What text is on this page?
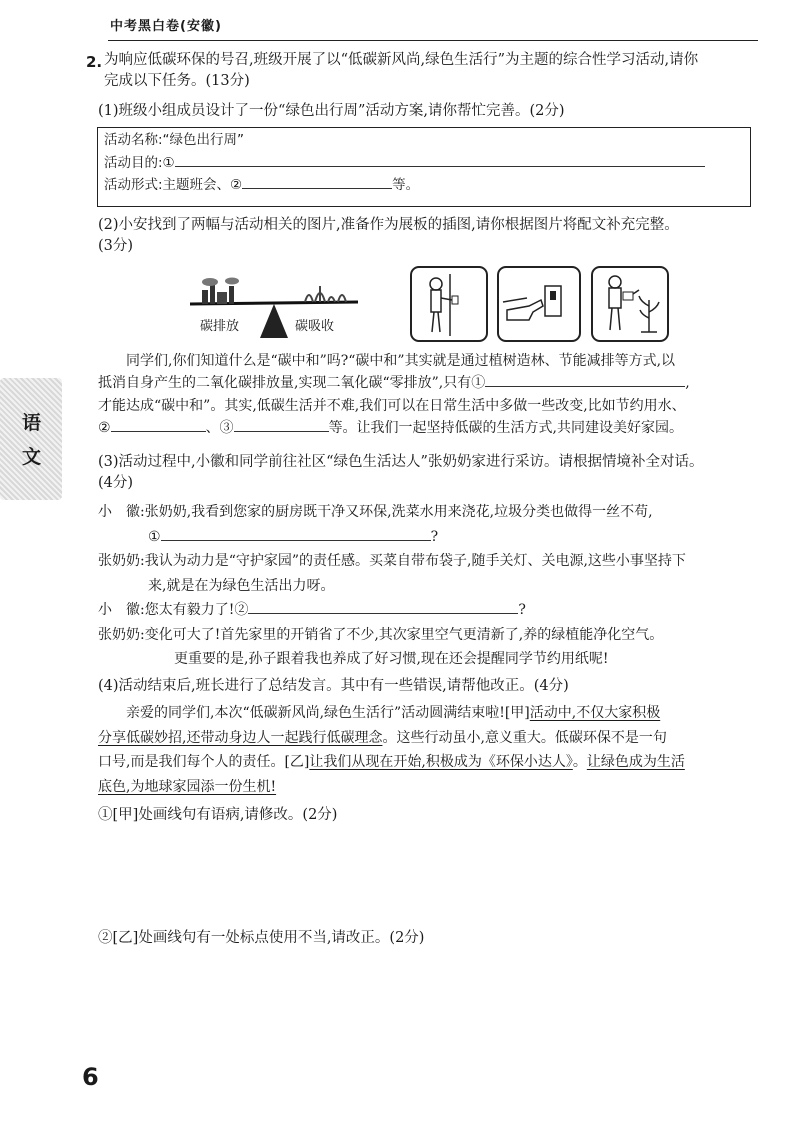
中考黑白卷(安徽)
2. 为响应低碳环保的号召,班级开展了以“低碳新风尚,绿色生活行”为主题的综合性学习活动,请你
完成以下任务。(13分)
(1)班级小组成员设计了一份“绿色出行周”活动方案,请你帮忙完善。(2分)
活动名称:“绿色出行周”
活动目的:①
活动形式:主题班会、②	等。
(2)小安找到了两幅与活动相关的图片,准备作为展板的插图,请你根据图片将配文补充完整。
(3分)
碳排放	碳吸收
同学们,你们知道什么是“碳中和”吗?“碳中和”其实就是通过植树造林、节能减排等方式,以
抵消自身产生的二氧化碳排放量,实现二氧化碳“零排放”,只有①	,
才能达成“碳中和”。其实,低碳生活并不难,我们可以在日常生活中多做一些改变,比如节约用水、
②	、③	等。让我们一起坚持低碳的生活方式,共同建设美好家园。
语
文	(3)活动过程中,小徽和同学前往社区“绿色生活达人”张奶奶家进行采访。请根据情境补全对话。
(4分)
小　徽:张奶奶,我看到您家的厨房既干净又环保,洗菜水用来浇花,垃圾分类也做得一丝不苟,
①	?
张奶奶:我认为动力是“守护家园”的责任感。买菜自带布袋子,随手关灯、关电源,这些小事坚持下
来,就是在为绿色生活出力呀。
小　徽:您太有毅力了!②	?
张奶奶:变化可大了!首先家里的开销省了不少,其次家里空气更清新了,养的绿植能净化空气。
更重要的是,孙子跟着我也养成了好习惯,现在还会提醒同学节约用纸呢!
(4)活动结束后,班长进行了总结发言。其中有一些错误,请帮他改正。(4分)
亲爱的同学们,本次“低碳新风尚,绿色生活行”活动圆满结束啦![甲]活动中,不仅大家积极
分享低碳妙招,还带动身边人一起践行低碳理念。这些行动虽小,意义重大。低碳环保不是一句
口号,而是我们每个人的责任。[乙]让我们从现在开始,积极成为《环保小达人》。让绿色成为生活
底色,为地球家园添一份生机!
①[甲]处画线句有语病,请修改。(2分)
②[乙]处画线句有一处标点使用不当,请改正。(2分)
6
